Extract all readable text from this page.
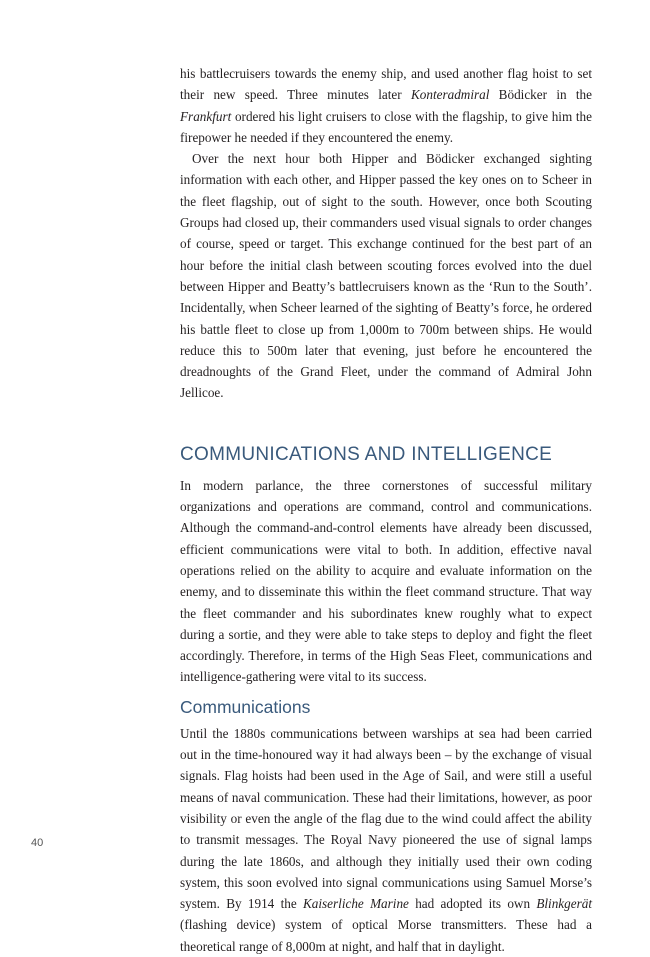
his battlecruisers towards the enemy ship, and used another flag hoist to set their new speed. Three minutes later Konteradmiral Bödicker in the Frankfurt ordered his light cruisers to close with the flagship, to give him the firepower he needed if they encountered the enemy.

Over the next hour both Hipper and Bödicker exchanged sighting information with each other, and Hipper passed the key ones on to Scheer in the fleet flagship, out of sight to the south. However, once both Scouting Groups had closed up, their commanders used visual signals to order changes of course, speed or target. This exchange continued for the best part of an hour before the initial clash between scouting forces evolved into the duel between Hipper and Beatty’s battlecruisers known as the ‘Run to the South’. Incidentally, when Scheer learned of the sighting of Beatty’s force, he ordered his battle fleet to close up from 1,000m to 700m between ships. He would reduce this to 500m later that evening, just before he encountered the dreadnoughts of the Grand Fleet, under the command of Admiral John Jellicoe.

COMMUNICATIONS AND INTELLIGENCE

In modern parlance, the three cornerstones of successful military organizations and operations are command, control and communications. Although the command-and-control elements have already been discussed, efficient communications were vital to both. In addition, effective naval operations relied on the ability to acquire and evaluate information on the enemy, and to disseminate this within the fleet command structure. That way the fleet commander and his subordinates knew roughly what to expect during a sortie, and they were able to take steps to deploy and fight the fleet accordingly. Therefore, in terms of the High Seas Fleet, communications and intelligence-gathering were vital to its success.

Communications

Until the 1880s communications between warships at sea had been carried out in the time-honoured way it had always been – by the exchange of visual signals. Flag hoists had been used in the Age of Sail, and were still a useful means of naval communication. These had their limitations, however, as poor visibility or even the angle of the flag due to the wind could affect the ability to transmit messages. The Royal Navy pioneered the use of signal lamps during the late 1860s, and although they initially used their own coding system, this soon evolved into signal communications using Samuel Morse’s system. By 1914 the Kaiserliche Marine had adopted its own Blinkgerät (flashing device) system of optical Morse transmitters. These had a theoretical range of 8,000m at night, and half that in daylight.

40
